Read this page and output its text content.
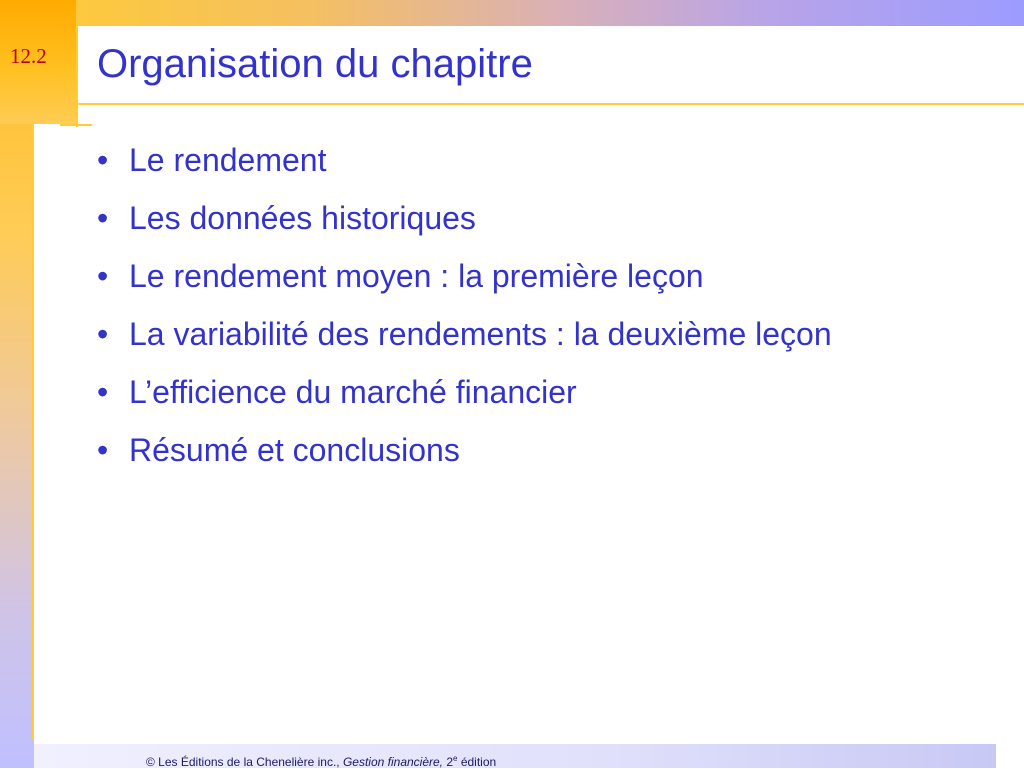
12.2 Organisation du chapitre
• Le rendement
• Les données historiques
• Le rendement moyen : la première leçon
• La variabilité des rendements : la deuxième leçon
• L’efficience du marché financier
• Résumé et conclusions
© Les Éditions de la Chenelière inc., Gestion financière, 2e édition
